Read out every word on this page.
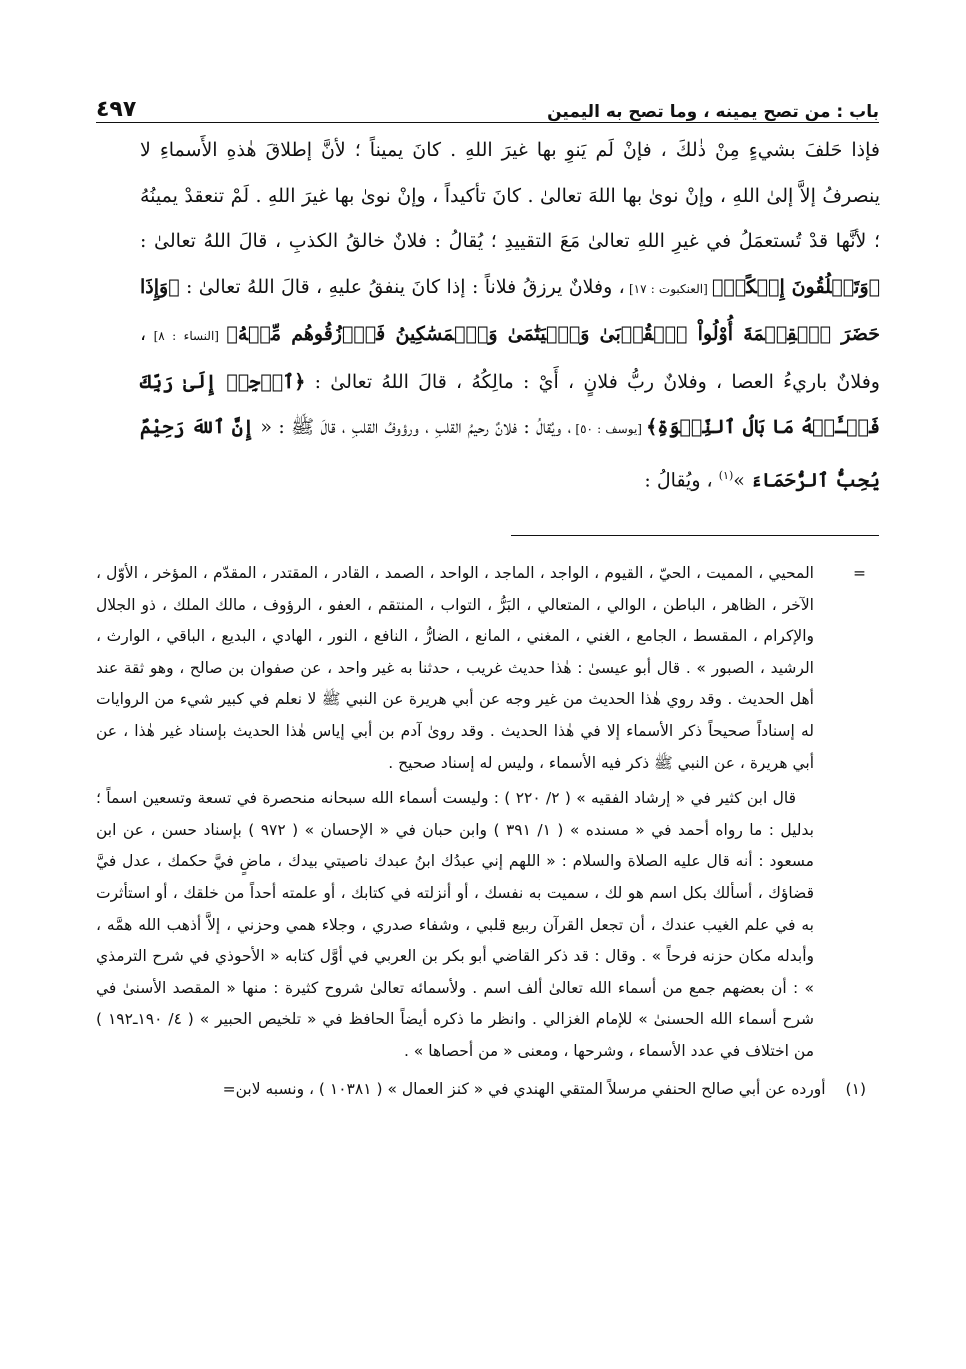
باب : من تصح يمينه ، وما تصح به اليمين
٤٩٧

فإذا حَلفَ بشيءٍ مِنْ ذٰلكَ ، فإنْ لَم يَنوِ بها غيرَ اللهِ . كانَ يميناً ؛ لأنَّ إطلاقَ هٰذهِ الأَسماءِ لا ينصرفُ إلاَّ إلىٰ اللهِ ، وإنْ نوىٰ بها اللهَ تعالىٰ . كانَ تأكيداً ، وإنْ نوىٰ بها غيرَ اللهِ . لَمْ تنعقدْ يمينُهُ ؛ لأنَّها قدْ تُستعمَلُ في غيرِ اللهِ تعالىٰ مَعَ التقييدِ ؛ يُقالُ : فلانٌ خالقُ الكذبِ ، قالَ اللهُ تعالىٰ : ﴿وَتَخۡلُقُونَ إِفۡكًاۚ﴾ [العنكبوت : ١٧] ، وفلانٌ يرزقُ فلاناً : إذا كانَ ينفقُ عليهِ ، قالَ اللهُ تعالىٰ : ﴿وَإِذَا حَضَرَ ٱلۡقِسۡمَةَ أُوْلُواْ ٱلۡقُرۡبَىٰ وَٱلۡيَتَٰمَىٰ وَٱلۡمَسَٰكِينُ فَٱرۡزُقُوهُم مِّنۡهُ﴾ [النساء : ٨] ، وفلانٌ باريءُ العصا ، وفلانٌ ربُّ فلانٍ ، أَيْ : مالِكُهُ ، قالَ اللهُ تعالىٰ : ﴿ٱرۡجِعۡ إِلَىٰ رَبِّكَ فَسۡـَٔلۡهُ مَا بَالُ ٱلنِّسۡوَةِ﴾ [يوسف : ٥٠] ، ويُقالُ : فلانٌ رحيمُ القلبِ ، ورؤوفُ القلبِ ، قالَ ﷺ : « إِنَّ ٱللهَ رَحِيْمٌ يُحِبُّ ٱلرُّحَمَاءَ »$^{(١)}$ ، ويُقالُ :

=
المحيي ، المميت ، الحيّ ، القيوم ، الواجد ، الماجد ، الواحد ، الصمد ، القادر ، المقتدر ، المقدّم ، المؤخر ، الأوّل ، الآخر ، الظاهر ، الباطن ، الوالي ، المتعالي ، البَرُّ ، التواب ، المنتقم ، العفو ، الرؤوف ، مالك الملك ، ذو الجلال والإكرام ، المقسط ، الجامع ، الغني ، المغني ، المانع ، الضارُّ ، النافع ، النور ، الهادي ، البديع ، الباقي ، الوارث ، الرشيد ، الصبور » . قال أبو عيسىٰ : هٰذا حديث غريب ، حدثنا به غير واحد ، عن صفوان بن صالح ، وهو ثقة عند أهل الحديث . وقد روي هٰذا الحديث من غير وجه عن أبي هريرة عن النبي ﷺ لا نعلم في كبير شيء من الروايات له إسناداً صحيحاً ذكر الأسماء إلا في هٰذا الحديث . وقد روىٰ آدم بن أبي إياس هٰذا الحديث بإسناد غير هٰذا ، عن أبي هريرة ، عن النبي ﷺ ذكر فيه الأسماء ، وليس له إسناد صحيح .

قال ابن كثير في « إرشاد الفقيه » ( ٢/ ٢٢٠ ) : وليست أسماء الله سبحانه منحصرة في تسعة وتسعين اسماً ؛ بدليل : ما رواه أحمد في « مسنده » ( ١/ ٣٩١ ) وابن حبان في « الإحسان » ( ٩٧٢ ) بإسناد حسن ، عن ابن مسعود : أنه قال عليه الصلاة والسلام : « اللهم إني عبدُك ابنُ عبدك ناصيتي بيدك ، ماضٍ فيَّ حكمك ، عدل فيَّ قضاؤك ، أسألك بكل اسم هو لك ، سميت به نفسك ، أو أنزلته في كتابك ، أو علمته أحداً من خلقك ، أو استأثرت به في علم الغيب عندك ، أن تجعل القرآن ربيع قلبي ، وشفاء صدري ، وجلاء همي وحزني ، إلاَّ أذهب الله همَّه ، وأبدله مكان حزنه فرحاً » . وقال : قد ذكر القاضي أبو بكر بن العربي في أوَّل كتابه « الأحوذي في شرح الترمذي » : أن بعضهم جمع من أسماء الله تعالىٰ ألف اسم . ولأسمائه تعالىٰ شروح كثيرة : منها « المقصد الأسنىٰ في شرح أسماء الله الحسنىٰ » للإمام الغزالي . وانظر ما ذكره أيضاً الحافظ في « تلخيص الحبير » ( ٤/ ١٩٠ـ١٩٢ ) من اختلاف في عدد الأسماء ، وشرحها ، ومعنى « من أحصاها » .

(١)
أورده عن أبي صالح الحنفي مرسلاً المتقي الهندي في « كنز العمال » ( ١٠٣٨١ ) ، ونسبه لابن=
